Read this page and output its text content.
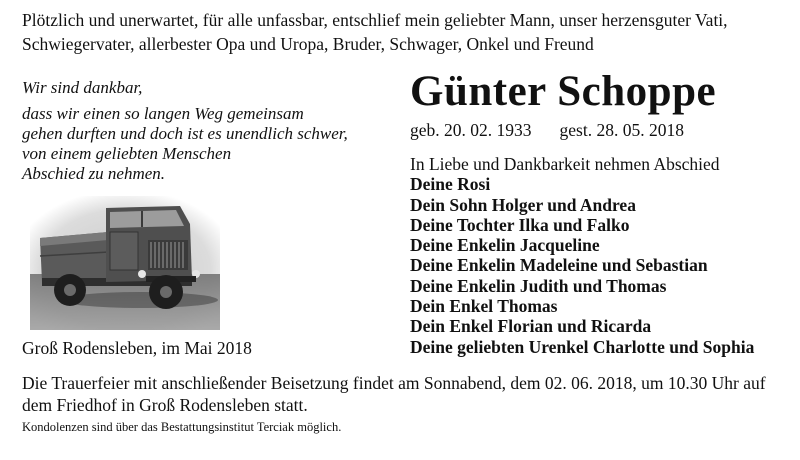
Plötzlich und unerwartet, für alle unfassbar, entschlief mein geliebter Mann, unser herzensguter Vati, Schwiegervater, allerbester Opa und Uropa, Bruder, Schwager, Onkel und Freund

Wir sind dankbar,

dass wir einen so langen Weg gemeinsam

gehen durften und doch ist es unendlich schwer,

von einem geliebten Menschen

Abschied zu nehmen.

Groß Rodensleben, im Mai 2018

Günter Schoppe

geb. 20. 02. 1933 gest. 28. 05. 2018

In Liebe und Dankbarkeit nehmen Abschied

Deine Rosi
Dein Sohn Holger und Andrea
Deine Tochter Ilka und Falko
Deine Enkelin Jacqueline
Deine Enkelin Madeleine und Sebastian
Deine Enkelin Judith und Thomas
Dein Enkel Thomas
Dein Enkel Florian und Ricarda
Deine geliebten Urenkel Charlotte und Sophia

Die Trauerfeier mit anschließender Beisetzung findet am Sonnabend, dem 02. 06. 2018, um 10.30 Uhr auf dem Friedhof in Groß Rodensleben statt.

Kondolenzen sind über das Bestattungsinstitut Terciak möglich.
